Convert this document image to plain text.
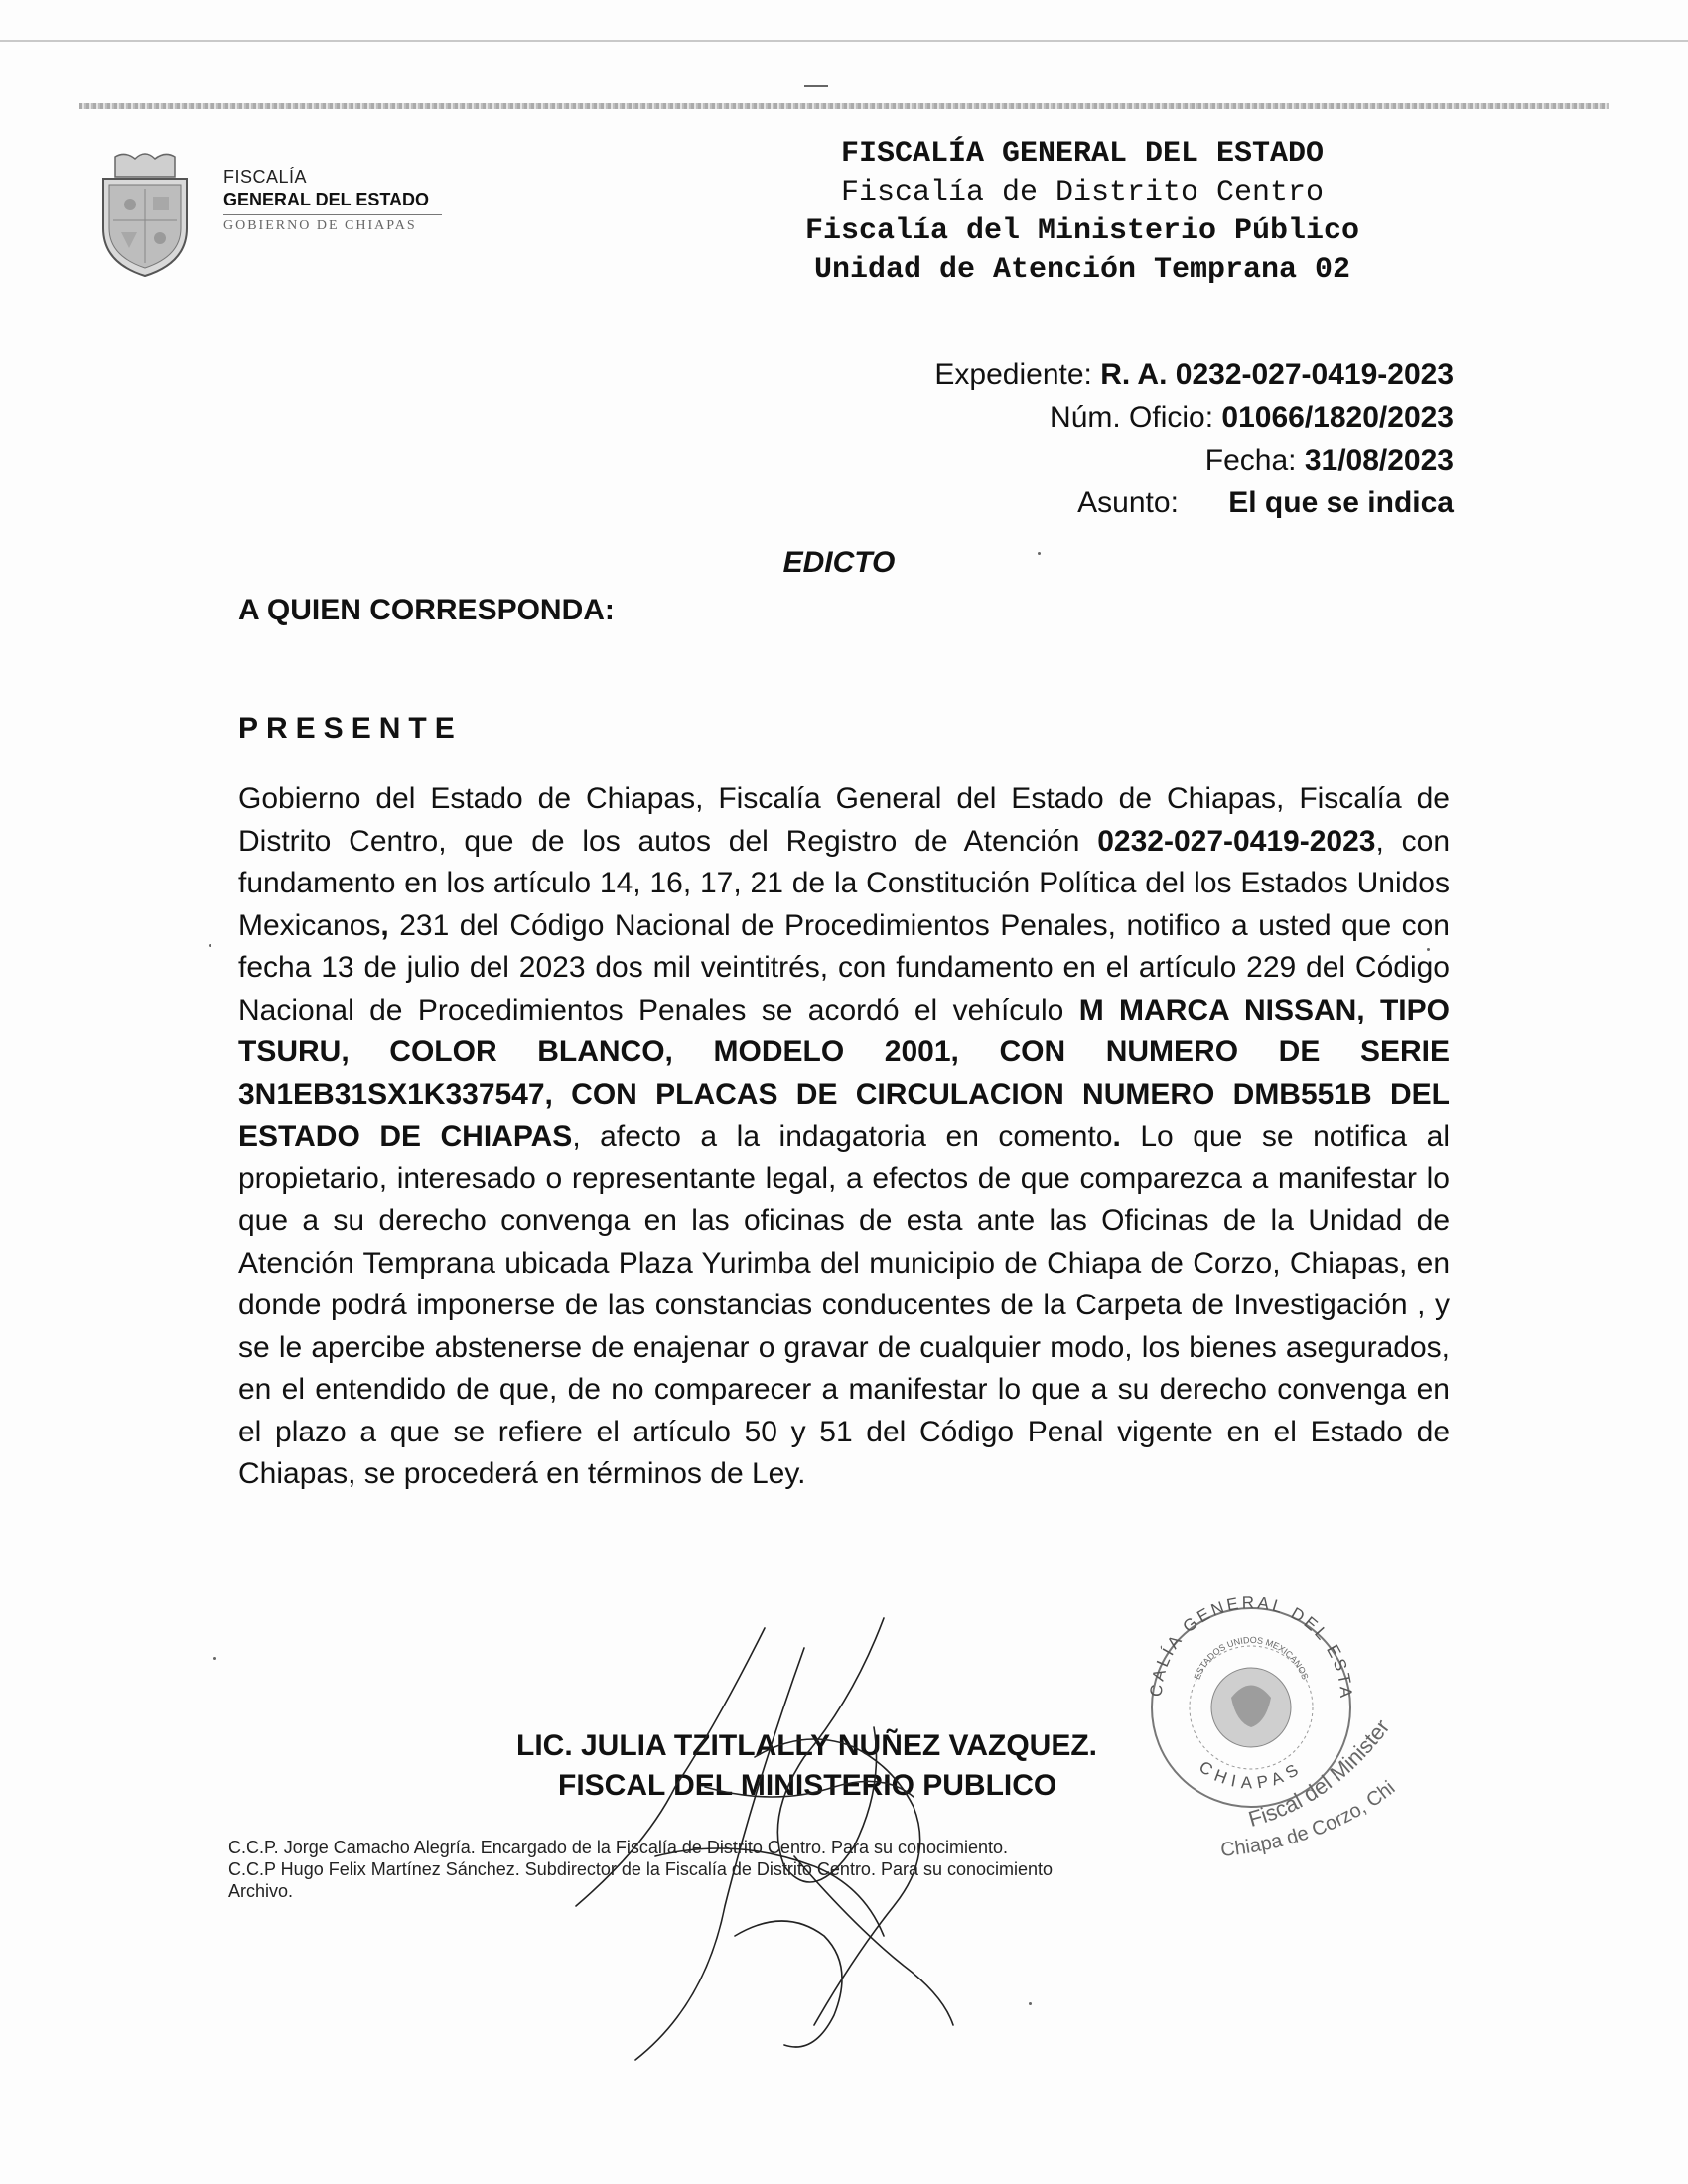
FISCALÍA
GENERAL DEL ESTADO
GOBIERNO DE CHIAPAS
FISCALÍA GENERAL DEL ESTADO
Fiscalía de Distrito Centro
Fiscalía del Ministerio Público
Unidad de Atención Temprana 02
Expediente: R. A. 0232-027-0419-2023
Núm. Oficio: 01066/1820/2023
Fecha: 31/08/2023
Asunto: El que se indica
EDICTO
A QUIEN CORRESPONDA:
PRESENTE
Gobierno del Estado de Chiapas, Fiscalía General del Estado de Chiapas, Fiscalía de Distrito Centro, que de los autos del Registro de Atención 0232-027-0419-2023, con fundamento en los artículo 14, 16, 17, 21 de la Constitución Política del los Estados Unidos Mexicanos, 231 del Código Nacional de Procedimientos Penales, notifico a usted que con fecha 13 de julio del 2023 dos mil veintitrés, con fundamento en el artículo 229 del Código Nacional de Procedimientos Penales se acordó el vehículo M MARCA NISSAN, TIPO TSURU, COLOR BLANCO, MODELO 2001, CON NUMERO DE SERIE 3N1EB31SX1K337547, CON PLACAS DE CIRCULACION NUMERO DMB551B DEL ESTADO DE CHIAPAS, afecto a la indagatoria en comento. Lo que se notifica al propietario, interesado o representante legal, a efectos de que comparezca a manifestar lo que a su derecho convenga en las oficinas de esta ante las Oficinas de la Unidad de Atención Temprana ubicada Plaza Yurimba del municipio de Chiapa de Corzo, Chiapas, en donde podrá imponerse de las constancias conducentes de la Carpeta de Investigación , y se le apercibe abstenerse de enajenar o gravar de cualquier modo, los bienes asegurados, en el entendido de que, de no comparecer a manifestar lo que a su derecho convenga en el plazo a que se refiere el artículo 50 y 51 del Código Penal vigente en el Estado de Chiapas, se procederá en términos de Ley.
CALÍA GENERAL DEL ESTA
ESTADOS UNIDOS MEXICANOS
CHIAPAS
Fiscal del Minister
Chiapa de Corzo, Chi
LIC. JULIA TZITLALLY NUÑEZ VAZQUEZ.
FISCAL DEL MINISTERIO PUBLICO
C.C.P. Jorge Camacho Alegría. Encargado de la Fiscalía de Distrito Centro. Para su conocimiento.
C.C.P Hugo Felix Martínez Sánchez. Subdirector de la Fiscalía de Distrito Centro. Para su conocimiento
Archivo.
